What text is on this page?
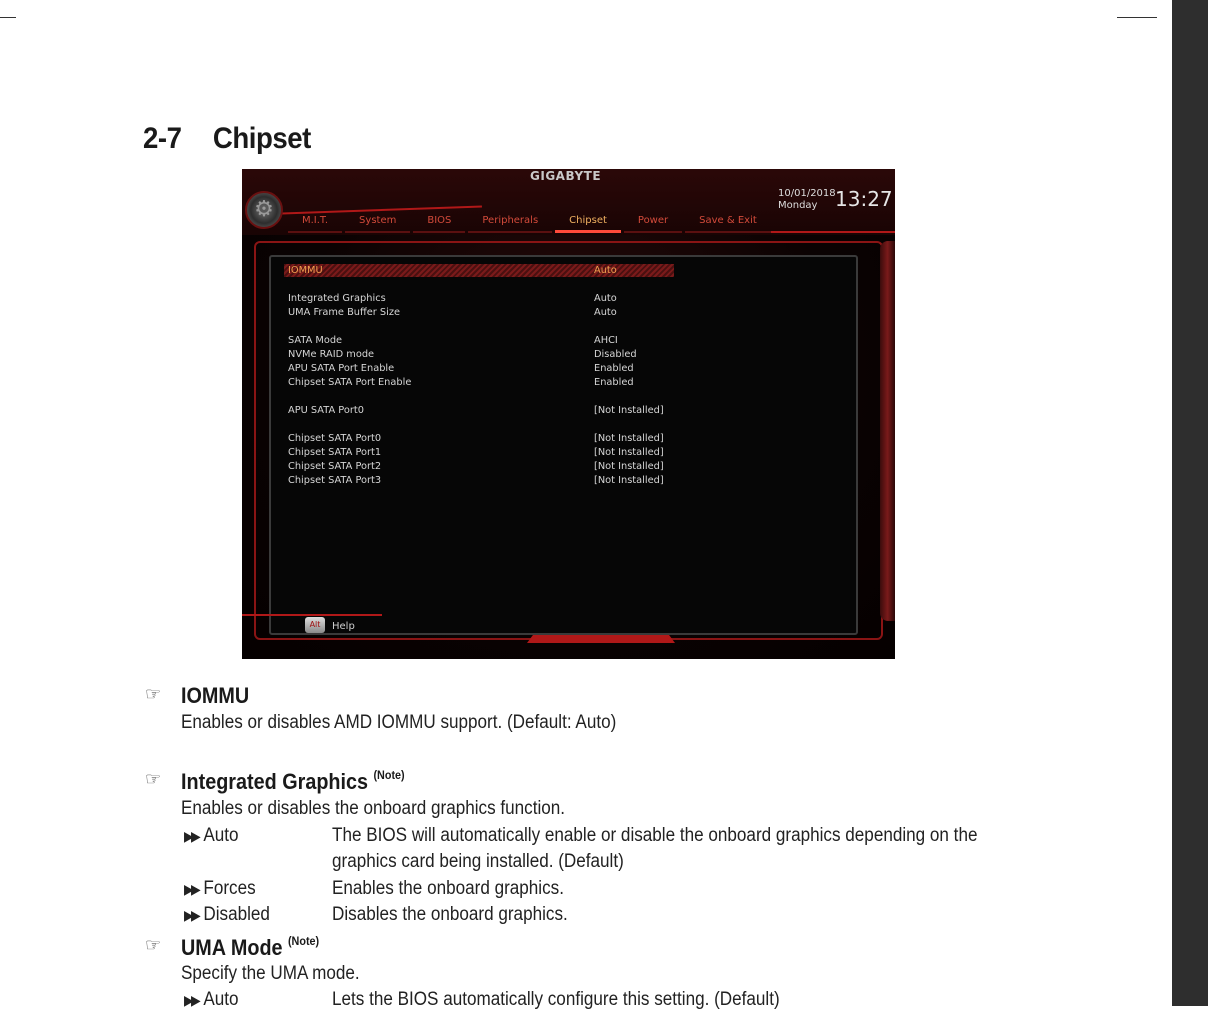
2-7 Chipset
GIGABYTE
⚙	M.I.T.	System	BIOS	Peripherals	Chipset	Power	Save & Exit
10/01/2018
Monday 13:27
IOMMU	Auto
Integrated Graphics	Auto
UMA Frame Buffer Size	Auto
SATA Mode	AHCI
NVMe RAID mode	Disabled
APU SATA Port Enable	Enabled
Chipset SATA Port Enable	Enabled
APU SATA Port0	[Not Installed]
Chipset SATA Port0	[Not Installed]
Chipset SATA Port1	[Not Installed]
Chipset SATA Port2	[Not Installed]
Chipset SATA Port3	[Not Installed]
Alt	Help
☞ IOMMU
Enables or disables AMD IOMMU support. (Default: Auto)
☞ Integrated Graphics $^{(Note)}$
Enables or disables the onboard graphics function.
▶▶ Auto	The BIOS will automatically enable or disable the onboard graphics depending on the
graphics card being installed. (Default)
▶▶ Forces	Enables the onboard graphics.
▶▶ Disabled	Disables the onboard graphics.
☞ UMA Mode $^{(Note)}$
Specify the UMA mode.
▶▶ Auto	Lets the BIOS automatically configure this setting. (Default)
